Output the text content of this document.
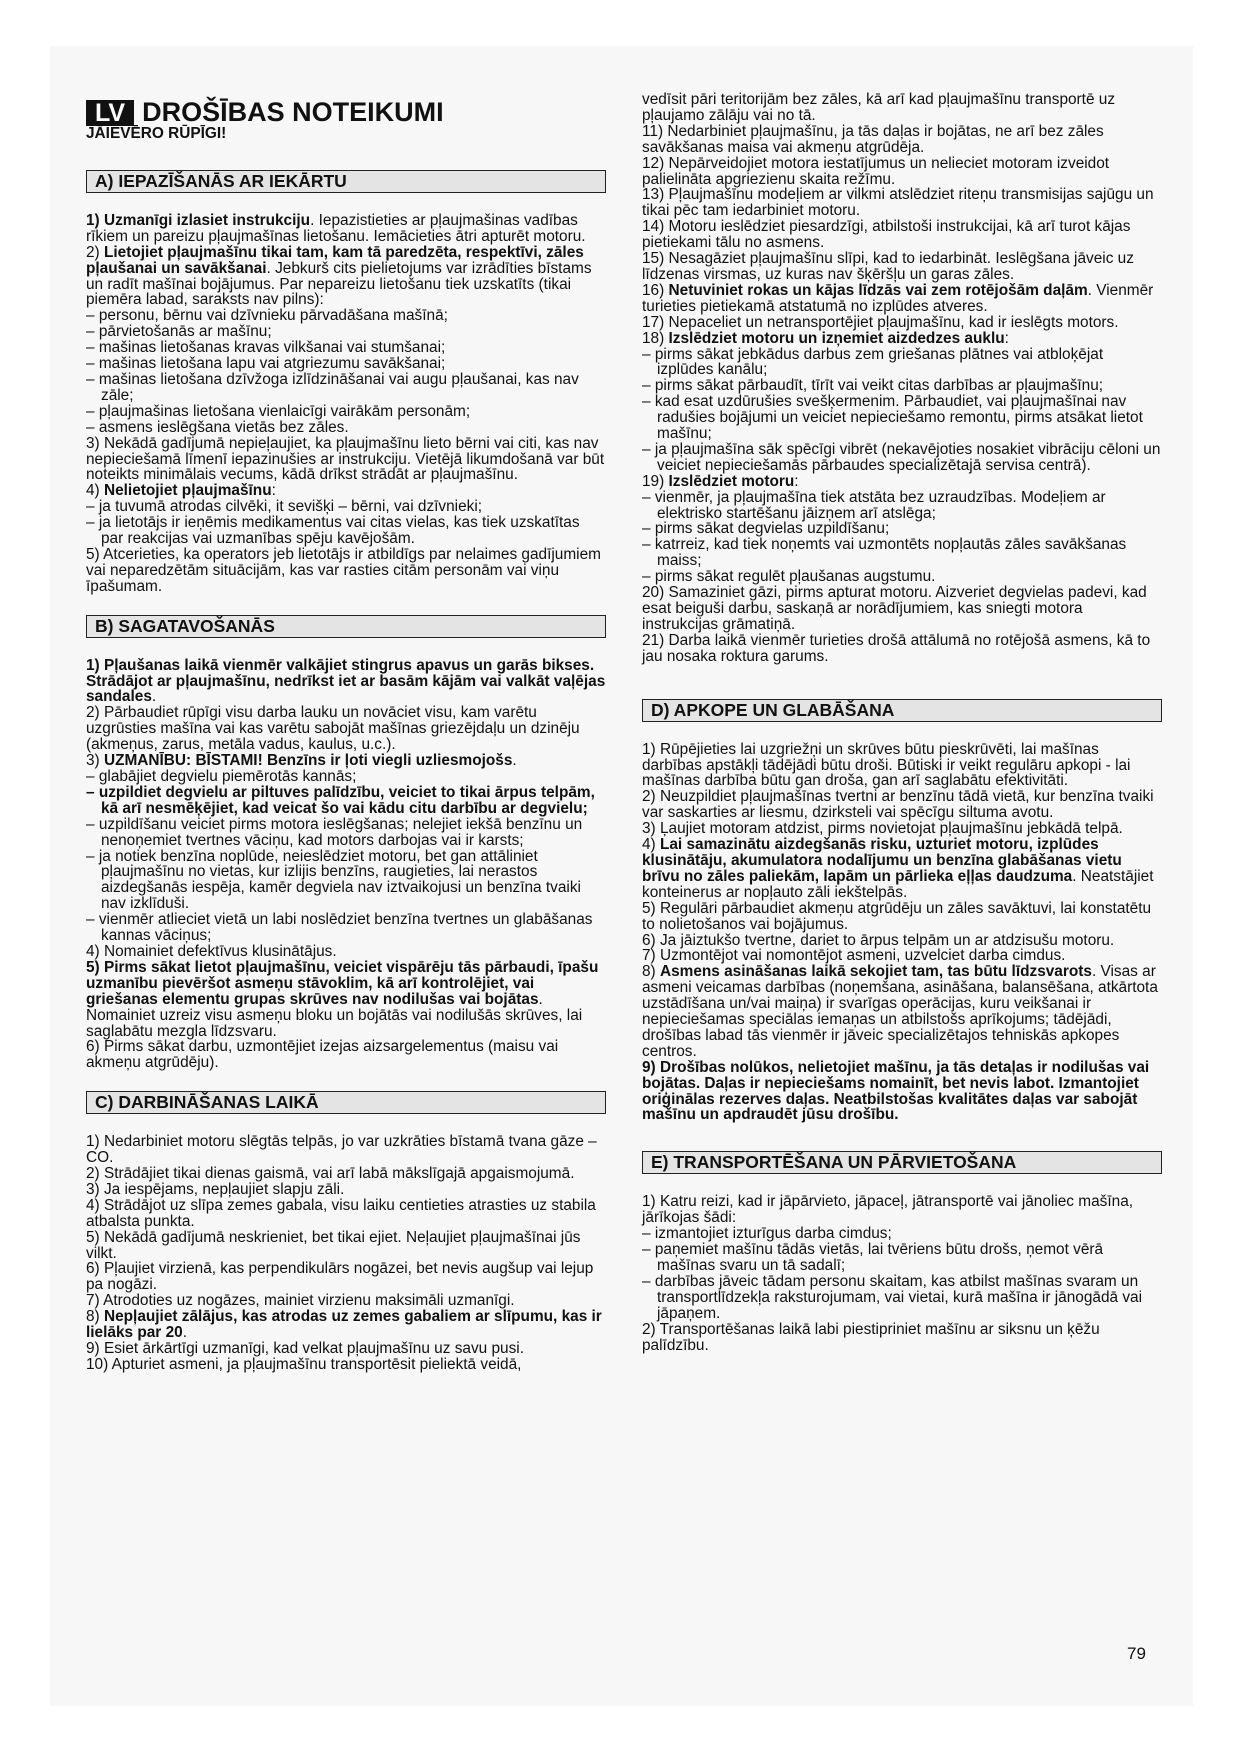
LV DROŠĪBAS NOTEIKUMI

JĀIEVĒRO RŪPĪGI!

A) IEPAZĪŠANĀS AR IEKĀRTU

1) Uzmanīgi izlasiet instrukciju. Iepazistieties ar pļaujmašinas vadības rīkiem un pareizu pļaujmašīnas lietošanu. Iemācieties ātri apturēt motoru.

2) Lietojiet pļaujmašīnu tikai tam, kam tā paredzēta, respektīvi, zāles pļaušanai un savākšanai. Jebkurš cits pielietojums var izrādīties bīstams un radīt mašīnai bojājumus. Par nepareizu lietošanu tiek uzskatīts (tikai piemēra labad, saraksts nav pilns):

– personu, bērnu vai dzīvnieku pārvadāšana mašīnā;

– pārvietošanās ar mašīnu;

– mašinas lietošanas kravas vilkšanai vai stumšanai;

– mašinas lietošana lapu vai atgriezumu savākšanai;

– mašinas lietošana dzīvžoga izlīdzināšanai vai augu pļaušanai, kas nav zāle;

– pļaujmašinas lietošana vienlaicīgi vairākām personām;

– asmens ieslēgšana vietās bez zāles.

3) Nekādā gadījumā nepieļaujiet, ka pļaujmašīnu lieto bērni vai citi, kas nav nepieciešamā līmenī iepazinušies ar instrukciju. Vietējā likumdošanā var būt noteikts minimālais vecums, kādā drīkst strādāt ar pļaujmašīnu.

4) Nelietojiet pļaujmašīnu:

– ja tuvumā atrodas cilvēki, it sevišķi – bērni, vai dzīvnieki;

– ja lietotājs ir ieņēmis medikamentus vai citas vielas, kas tiek uzskatītas par reakcijas vai uzmanības spēju kavējošām.

5) Atcerieties, ka operators jeb lietotājs ir atbildīgs par nelaimes gadījumiem vai neparedzētām situācijām, kas var rasties citām personām vai viņu īpašumam.

B) SAGATAVOŠANĀS

1) Pļaušanas laikā vienmēr valkājiet stingrus apavus un garās bikses. Strādājot ar pļaujmašīnu, nedrīkst iet ar basām kājām vai valkāt vaļējas sandales.

2) Pārbaudiet rūpīgi visu darba lauku un novāciet visu, kam varētu uzgrūsties mašīna vai kas varētu sabojāt mašīnas griezējdaļu un dzinēju (akmeņus, zarus, metāla vadus, kaulus, u.c.).

3) UZMANĪBU: BĪSTAMI! Benzīns ir ļoti viegli uzliesmojošs.

– glabājiet degvielu piemērotās kannās;

– uzpildiet degvielu ar piltuves palīdzību, veiciet to tikai ārpus telpām, kā arī nesmēķējiet, kad veicat šo vai kādu citu darbību ar degvielu;

– uzpildīšanu veiciet pirms motora ieslēgšanas; nelejiet iekšā benzīnu un nenoņemiet tvertnes vāciņu, kad motors darbojas vai ir karsts;

– ja notiek benzīna noplūde, neieslēdziet motoru, bet gan attāliniet pļaujmašīnu no vietas, kur izlijis benzīns, raugieties, lai nerastos aizdegšanās iespēja, kamēr degviela nav iztvaikojusi un benzīna tvaiki nav izklīduši.

– vienmēr atlieciet vietā un labi noslēdziet benzīna tvertnes un glabāšanas kannas vāciņus;

4) Nomainiet defektīvus klusinātājus.

5) Pirms sākat lietot pļaujmašīnu, veiciet vispārēju tās pārbaudi, īpašu uzmanību pievēršot asmeņu stāvoklim, kā arī kontrolējiet, vai griešanas elementu grupas skrūves nav nodilušas vai bojātas. Nomainiet uzreiz visu asmeņu bloku un bojātās vai nodilušās skrūves, lai saglabātu mezgla līdzsvaru.

6) Pirms sākat darbu, uzmontējiet izejas aizsargelementus (maisu vai akmeņu atgrūdēju).

C) DARBINĀŠANAS LAIKĀ

1) Nedarbiniet motoru slēgtās telpās, jo var uzkrāties bīstamā tvana gāze – CO.

2) Strādājiet tikai dienas gaismā, vai arī labā mākslīgajā apgaismojumā.

3) Ja iespējams, nepļaujiet slapju zāli.

4) Strādājot uz slīpa zemes gabala, visu laiku centieties atrasties uz stabila atbalsta punkta.

5) Nekādā gadījumā neskrieniet, bet tikai ejiet. Neļaujiet pļaujmašīnai jūs vilkt.

6) Pļaujiet virzienā, kas perpendikulārs nogāzei, bet nevis augšup vai lejup pa nogāzi.

7) Atrodoties uz nogāzes, mainiet virzienu maksimāli uzmanīgi.

8) Nepļaujiet zālājus, kas atrodas uz zemes gabaliem ar slīpumu, kas ir lielāks par 20.

9) Esiet ārkārtīgi uzmanīgi, kad velkat pļaujmašīnu uz savu pusi.

10) Apturiet asmeni, ja pļaujmašīnu transportēsit pieliektā veidā,

vedīsit pāri teritorijām bez zāles, kā arī kad pļaujmašīnu transportē uz pļaujamo zālāju vai no tā.

11) Nedarbiniet pļaujmašīnu, ja tās daļas ir bojātas, ne arī bez zāles savākšanas maisa vai akmeņu atgrūdēja.

12) Nepārveidojiet motora iestatījumus un nelieciet motoram izveidot palielināta apgriezienu skaita režīmu.

13) Pļaujmašīnu modeļiem ar vilkmi atslēdziet riteņu transmisijas sajūgu un tikai pēc tam iedarbiniet motoru.

14) Motoru ieslēdziet piesardzīgi, atbilstoši instrukcijai, kā arī turot kājas pietiekami tālu no asmens.

15) Nesagāziet pļaujmašīnu slīpi, kad to iedarbināt. Ieslēgšana jāveic uz līdzenas virsmas, uz kuras nav šķēršļu un garas zāles.

16) Netuviniet rokas un kājas līdzās vai zem rotējošām daļām. Vienmēr turieties pietiekamā atstatumā no izplūdes atveres.

17) Nepaceliet un netransportējiet pļaujmašīnu, kad ir ieslēgts motors.

18) Izslēdziet motoru un izņemiet aizdedzes auklu:

– pirms sākat jebkādus darbus zem griešanas plātnes vai atbloķējat izplūdes kanālu;

– pirms sākat pārbaudīt, tīrīt vai veikt citas darbības ar pļaujmašīnu;

– kad esat uzdūrušies svešķermenim. Pārbaudiet, vai pļaujmašīnai nav radušies bojājumi un veiciet nepieciešamo remontu, pirms atsākat lietot mašīnu;

– ja pļaujmašīna sāk spēcīgi vibrēt (nekavējoties nosakiet vibrāciju cēloni un veiciet nepieciešamās pārbaudes specializētajā servisa centrā).

19) Izslēdziet motoru:

– vienmēr, ja pļaujmašīna tiek atstāta bez uzraudzības. Modeļiem ar elektrisko startēšanu jāizņem arī atslēga;

– pirms sākat degvielas uzpildīšanu;

– katrreiz, kad tiek noņemts vai uzmontēts nopļautās zāles savākšanas maiss;

– pirms sākat regulēt pļaušanas augstumu.

20) Samaziniet gāzi, pirms apturat motoru. Aizveriet degvielas padevi, kad esat beiguši darbu, saskaņā ar norādījumiem, kas sniegti motora instrukcijas grāmatiņā.

21) Darba laikā vienmēr turieties drošā attālumā no rotējošā asmens, kā to jau nosaka roktura garums.

D) APKOPE UN GLABĀŠANA

1) Rūpējieties lai uzgriežņi un skrūves būtu pieskrūvēti, lai mašīnas darbības apstākļi tādējādi būtu droši. Būtiski ir veikt regulāru apkopi - lai mašīnas darbība būtu gan droša, gan arī saglabātu efektivitāti.

2) Neuzpildiet pļaujmašīnas tvertni ar benzīnu tādā vietā, kur benzīna tvaiki var saskarties ar liesmu, dzirksteli vai spēcīgu siltuma avotu.

3) Ļaujiet motoram atdzist, pirms novietojat pļaujmašīnu jebkādā telpā.

4) Lai samazinātu aizdegšanās risku, uzturiet motoru, izplūdes klusinātāju, akumulatora nodalījumu un benzīna glabāšanas vietu brīvu no zāles paliekām, lapām un pārlieka eļļas daudzuma. Neatstājiet konteinerus ar nopļauto zāli iekštelpās.

5) Regulāri pārbaudiet akmeņu atgrūdēju un zāles savāktuvi, lai konstatētu to nolietošanos vai bojājumus.

6) Ja jāiztukšo tvertne, dariet to ārpus telpām un ar atdzisušu motoru.

7) Uzmontējot vai nomontējot asmeni, uzvelciet darba cimdus.

8) Asmens asināšanas laikā sekojiet tam, tas būtu līdzsvarots. Visas ar asmeni veicamas darbības (noņemšana, asināšana, balansēšana, atkārtota uzstādīšana un/vai maiņa) ir svarīgas operācijas, kuru veikšanai ir nepieciešamas speciālas iemaņas un atbilstošs aprīkojums; tādējādi, drošības labad tās vienmēr ir jāveic specializētajos tehniskās apkopes centros.

9) Drošības nolūkos, nelietojiet mašīnu, ja tās detaļas ir nodilušas vai bojātas. Daļas ir nepieciešams nomainīt, bet nevis labot. Izmantojiet oriģinālas rezerves daļas. Neatbilstošas kvalitātes daļas var sabojāt mašīnu un apdraudēt jūsu drošību.

E) TRANSPORTĒŠANA UN PĀRVIETOŠANA

1) Katru reizi, kad ir jāpārvieto, jāpaceļ, jātransportē vai jānoliec mašīna, jārīkojas šādi:

– izmantojiet izturīgus darba cimdus;

– paņemiet mašīnu tādās vietās, lai tvēriens būtu drošs, ņemot vērā mašīnas svaru un tā sadalī;

– darbības jāveic tādam personu skaitam, kas atbilst mašīnas svaram un transportlīdzekļa raksturojumam, vai vietai, kurā mašīna ir jānogādā vai jāpaņem.

2) Transportēšanas laikā labi piestipriniet mašīnu ar siksnu un ķēžu palīdzību.

79
